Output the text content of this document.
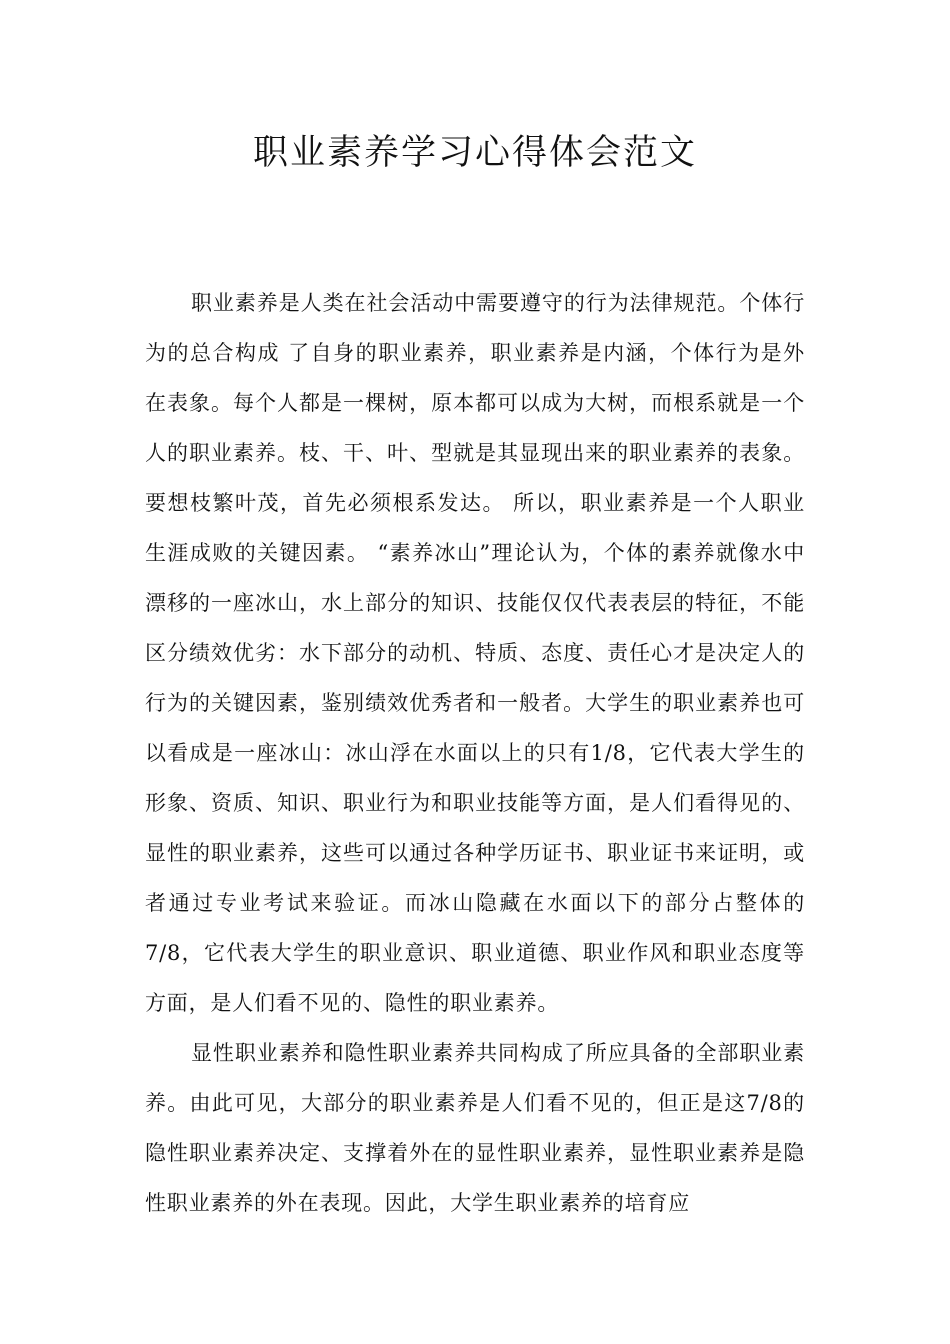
职业素养学习心得体会范文

职业素养是人类在社会活动中需要遵守的行为法律规范。个体行为的总合构成 了自身的职业素养，职业素养是内涵，个体行为是外在表象。每个人都是一棵树，原本都可以成为大树，而根系就是一个人的职业素养。枝、干、叶、型就是其显现出来的职业素养的表象。要想枝繁叶茂，首先必须根系发达。 所以，职业素养是一个人职业生涯成败的关键因素。 “素养冰山”理论认为，个体的素养就像水中漂移的一座冰山，水上部分的知识、技能仅仅代表表层的特征，不能区分绩效优劣：水下部分的动机、特质、态度、责任心才是决定人的行为的关键因素，鉴别绩效优秀者和一般者。大学生的职业素养也可以看成是一座冰山：冰山浮在水面以上的只有1/8，它代表大学生的形象、资质、知识、职业行为和职业技能等方面，是人们看得见的、显性的职业素养，这些可以通过各种学历证书、职业证书来证明，或者通过专业考试来验证。而冰山隐藏在水面以下的部分占整体的7/8，它代表大学生的职业意识、职业道德、职业作风和职业态度等方面，是人们看不见的、隐性的职业素养。

显性职业素养和隐性职业素养共同构成了所应具备的全部职业素养。由此可见，大部分的职业素养是人们看不见的，但正是这7/8的隐性职业素养决定、支撑着外在的显性职业素养，显性职业素养是隐性职业素养的外在表现。因此，大学生职业素养的培育应
